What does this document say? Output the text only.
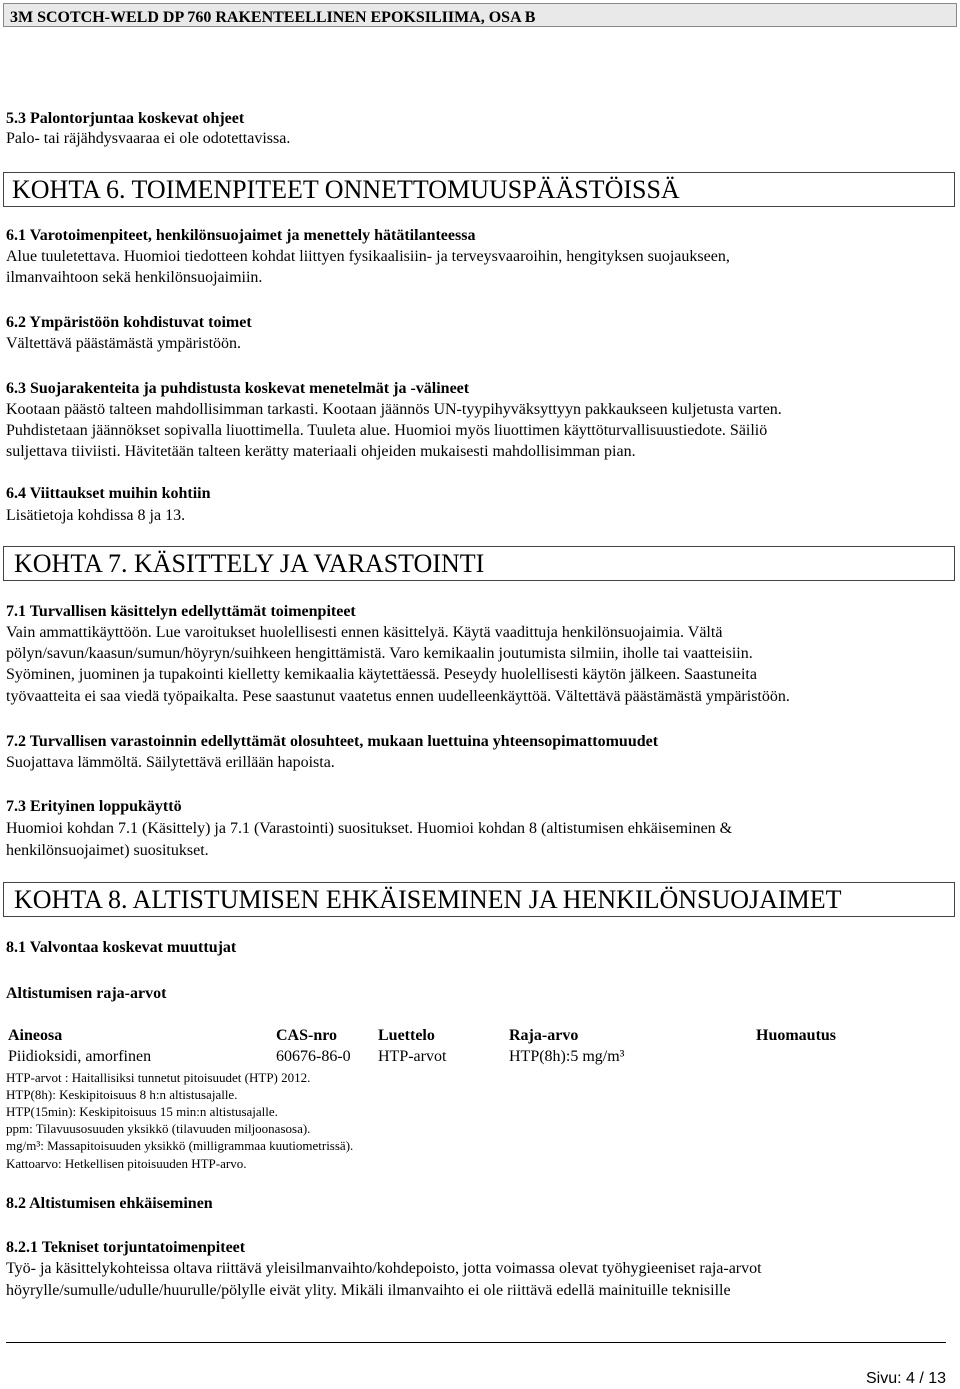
3M SCOTCH-WELD DP 760 RAKENTEELLINEN EPOKSILIIMA, OSA B
5.3 Palontorjuntaa koskevat ohjeet
Palo- tai räjähdysvaaraa ei ole odotettavissa.
KOHTA 6. TOIMENPITEET ONNETTOMUUSPÄÄSTÖISSÄ
6.1 Varotoimenpiteet, henkilönsuojaimet ja menettely hätätilanteessa
Alue tuuletettava. Huomioi tiedotteen kohdat liittyen fysikaalisiin- ja terveysvaaroihin, hengityksen suojaukseen,
ilmanvaihtoon sekä henkilönsuojaimiin.
6.2 Ympäristöön kohdistuvat toimet
Vältettävä päästämästä ympäristöön.
6.3 Suojarakenteita ja puhdistusta koskevat menetelmät ja -välineet
Kootaan päästö talteen mahdollisimman tarkasti. Kootaan jäännös UN-tyypihyväksyttyyn pakkaukseen kuljetusta varten.
Puhdistetaan jäännökset sopivalla liuottimella. Tuuleta alue. Huomioi myös liuottimen käyttöturvallisuustiedote. Säiliö
suljettava tiiviisti. Hävitetään talteen kerätty materiaali ohjeiden mukaisesti mahdollisimman pian.
6.4 Viittaukset muihin kohtiin
Lisätietoja kohdissa 8 ja 13.
KOHTA 7. KÄSITTELY JA VARASTOINTI
7.1 Turvallisen käsittelyn edellyttämät toimenpiteet
Vain ammattikäyttöön. Lue varoitukset huolellisesti ennen käsittelyä. Käytä vaadittuja henkilönsuojaimia. Vältä
pölyn/savun/kaasun/sumun/höyryn/suihkeen hengittämistä. Varo kemikaalin joutumista silmiin, iholle tai vaatteisiin.
Syöminen, juominen ja tupakointi kielletty kemikaalia käytettäessä. Peseydy huolellisesti käytön jälkeen. Saastuneita
työvaatteita ei saa viedä työpaikalta. Pese saastunut vaatetus ennen uudelleenkäyttöä. Vältettävä päästämästä ympäristöön.
7.2 Turvallisen varastoinnin edellyttämät olosuhteet, mukaan luettuina yhteensopimattomuudet
Suojattava lämmöltä. Säilytettävä erillään hapoista.
7.3 Erityinen loppukäyttö
Huomioi kohdan 7.1 (Käsittely) ja 7.1 (Varastointi) suositukset. Huomioi kohdan 8 (altistumisen ehkäiseminen &
henkilönsuojaimet) suositukset.
KOHTA 8. ALTISTUMISEN EHKÄISEMINEN JA HENKILÖNSUOJAIMET
8.1 Valvontaa koskevat muuttujat
Altistumisen raja-arvot
Aineosa	CAS-nro	Luettelo	Raja-arvo	Huomautus
Piidioksidi, amorfinen	60676-86-0 HTP-arvot	HTP(8h):5 mg/m³
HTP-arvot : Haitallisiksi tunnetut pitoisuudet (HTP) 2012.
HTP(8h): Keskipitoisuus 8 h:n altistusajalle.
HTP(15min): Keskipitoisuus 15 min:n altistusajalle.
ppm: Tilavuusosuuden yksikkö (tilavuuden miljoonasosa).
mg/m³: Massapitoisuuden yksikkö (milligrammaa kuutiometrissä).
Kattoarvo: Hetkellisen pitoisuuden HTP-arvo.
8.2 Altistumisen ehkäiseminen
8.2.1 Tekniset torjuntatoimenpiteet
Työ- ja käsittelykohteissa oltava riittävä yleisilmanvaihto/kohdepoisto, jotta voimassa olevat työhygieeniset raja-arvot
höyrylle/sumulle/udulle/huurulle/pölylle eivät ylity. Mikäli ilmanvaihto ei ole riittävä edellä mainituille teknisille
Sivu: 4 / 13
